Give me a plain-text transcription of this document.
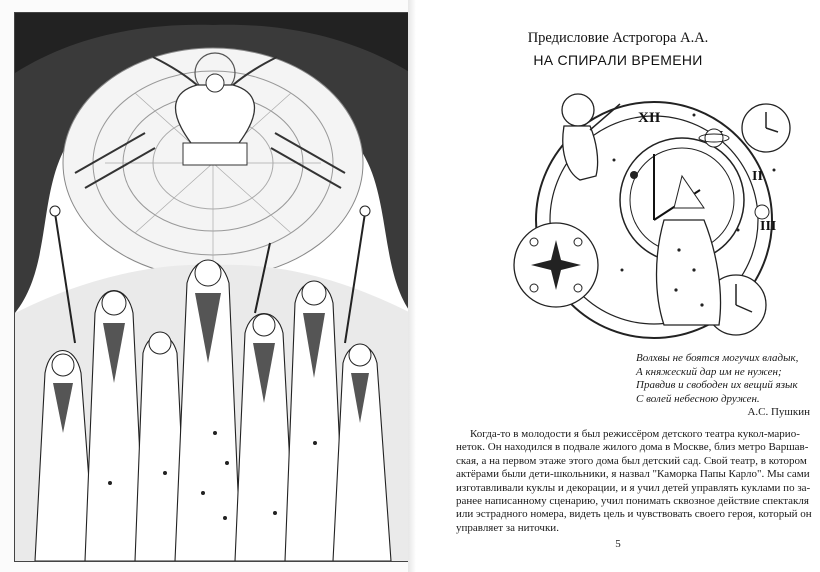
Предисловие Астрогора А.А.
НА СПИРАЛИ ВРЕМЕНИ
XII
II
III
Волхвы не боятся могучих владык,
А княжеский дар им не нужен;
Правдив и свободен их вещий язык
С волей небесною дружен.
А.С. Пушкин
Когда-то в молодости я был режиссёром детского театра кукол-марио-
неток. Он находился в подвале жилого дома в Москве, близ метро Варшав-
ская, а на первом этаже этого дома был детский сад. Свой театр, в котором
актёрами были дети-школьники, я назвал "Каморка Папы Карло". Мы сами
изготавливали куклы и декорации, и я учил детей управлять куклами по за-
ранее написанному сценарию, учил понимать сквозное действие спектакля
или эстрадного номера, видеть цель и чувствовать своего героя, который он
управляет за ниточки.
5
